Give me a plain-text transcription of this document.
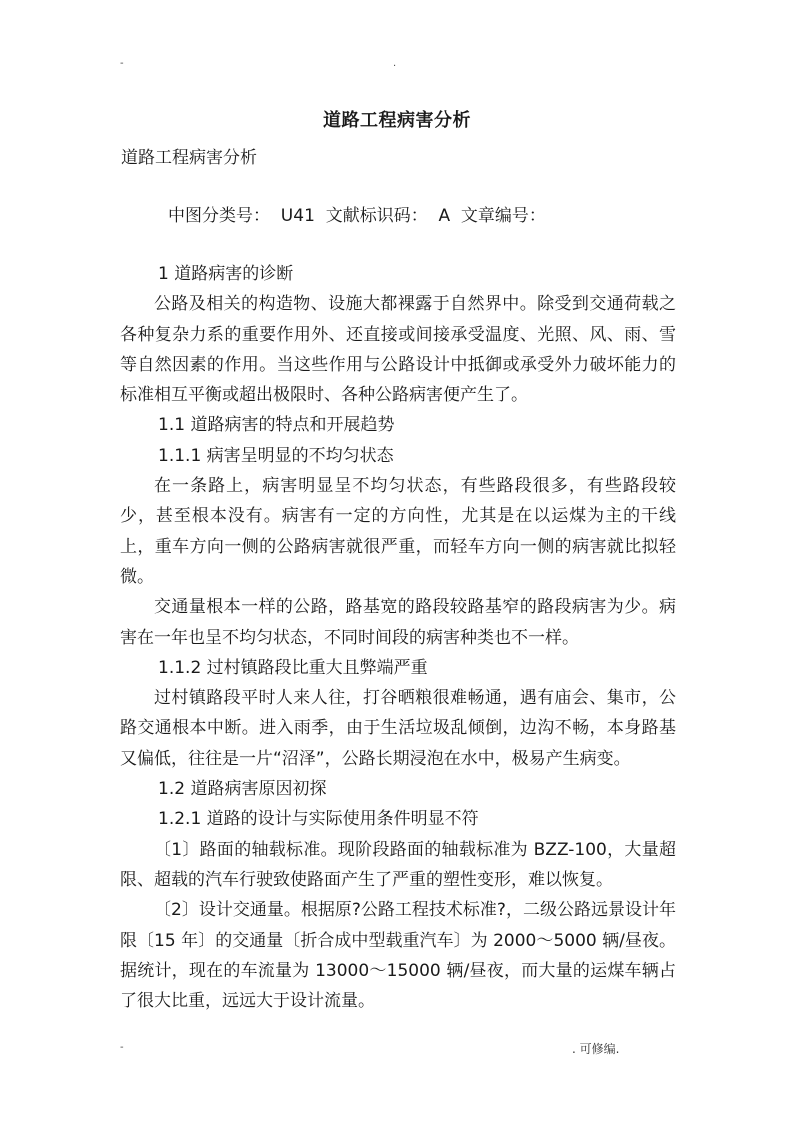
-	.
道路工程病害分析
道路工程病害分析
中图分类号：  U41  文献标识码：  A  文章编号：

1 道路病害的诊断

公路及相关的构造物、设施大都裸露于自然界中。除受到交通荷载之各种复杂力系的重要作用外、还直接或间接承受温度、光照、风、雨、雪等自然因素的作用。当这些作用与公路设计中抵御或承受外力破坏能力的标准相互平衡或超出极限时、各种公路病害便产生了。

1.1 道路病害的特点和开展趋势

1.1.1 病害呈明显的不均匀状态

在一条路上，病害明显呈不均匀状态，有些路段很多，有些路段较少，甚至根本没有。病害有一定的方向性，尤其是在以运煤为主的干线上，重车方向一侧的公路病害就很严重，而轻车方向一侧的病害就比拟轻微。

交通量根本一样的公路，路基宽的路段较路基窄的路段病害为少。病害在一年也呈不均匀状态，不同时间段的病害种类也不一样。

1.1.2 过村镇路段比重大且弊端严重

过村镇路段平时人来人往，打谷晒粮很难畅通，遇有庙会、集市，公路交通根本中断。进入雨季，由于生活垃圾乱倾倒，边沟不畅，本身路基又偏低，往往是一片“沼泽”，公路长期浸泡在水中，极易产生病变。

1.2 道路病害原因初探

1.2.1 道路的设计与实际使用条件明显不符

〔1〕路面的轴载标准。现阶段路面的轴载标准为 BZZ-100，大量超限、超载的汽车行驶致使路面产生了严重的塑性变形，难以恢复。

〔2〕设计交通量。根据原?公路工程技术标准?，二级公路远景设计年限〔15 年〕的交通量〔折合成中型载重汽车〕为 2000～5000 辆/昼夜。据统计，现在的车流量为 13000～15000 辆/昼夜，而大量的运煤车辆占了很大比重，远远大于设计流量。

-	. 可修编.
